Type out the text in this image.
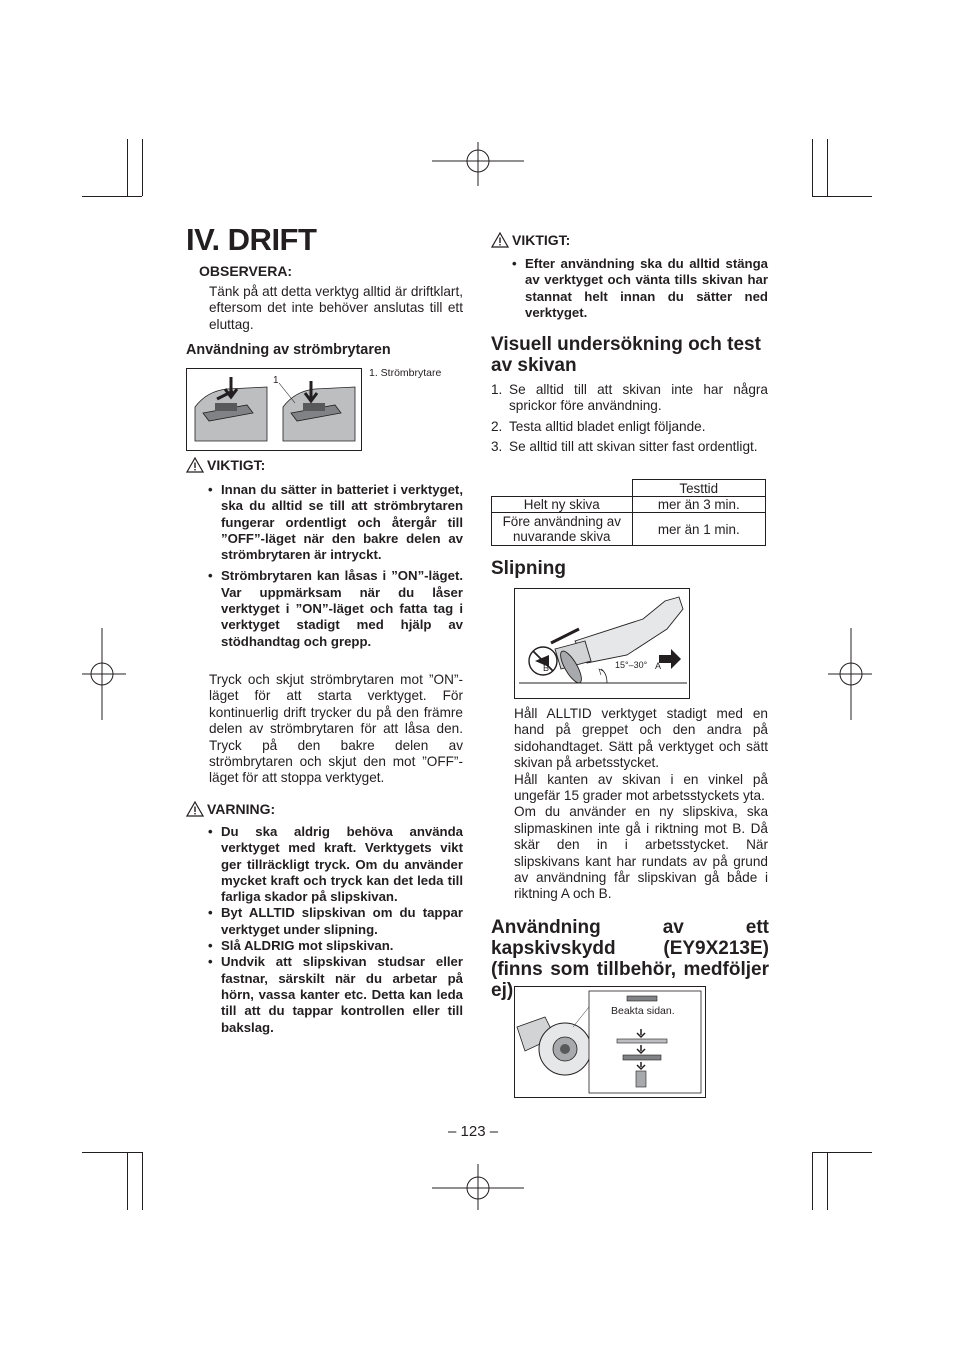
IV. DRIFT
OBSERVERA:
Tänk på att detta verktyg alltid är driftklart, eftersom det inte behöver anslutas till ett eluttag.
Användning av strömbrytaren
1
1. Strömbrytare
VIKTIGT:
• Innan du sätter in batteriet i verktyget, ska du alltid se till att strömbrytaren fungerar ordentligt och återgår till ”OFF”-läget när den bakre delen av strömbrytaren är intryckt.
• Strömbrytaren kan låsas i ”ON”-läget. Var uppmärksam när du låser verktyget i ”ON”-läget och fatta tag i verktyget stadigt med hjälp av stödhandtag och grepp.
Tryck och skjut strömbrytaren mot ”ON”-läget för att starta verktyget. För kontinuerlig drift trycker du på den främre delen av strömbrytaren för att låsa den. Tryck på den bakre delen av strömbrytaren och skjut den mot ”OFF”-läget för att stoppa verktyget.
VARNING:
• Du ska aldrig behöva använda verktyget med kraft. Verktygets vikt ger tillräckligt tryck. Om du använder mycket kraft och tryck kan det leda till farliga skador på slipskivan.
• Byt ALLTID slipskivan om du tappar verktyget under slipning.
• Slå ALDRIG mot slipskivan.
• Undvik att slipskivan studsar eller fastnar, särskilt när du arbetar på hörn, vassa kanter etc. Detta kan leda till att du tappar kontrollen eller till bakslag.
VIKTIGT:
• Efter användning ska du alltid stänga av verktyget och vänta tills skivan har stannat helt innan du sätter ned verktyget.
Visuell undersökning och test av skivan
1. Se alltid till att skivan inte har några sprickor före användning.
2. Testa alltid bladet enligt följande.
3. Se alltid till att skivan sitter fast ordentligt.
	Testtid
Helt ny skiva	mer än 3 min.
Före användning av nuvarande skiva	mer än 1 min.
Slipning
15°–30° A
B
Håll ALLTID verktyget stadigt med en hand på greppet och den andra på sidohandtaget. Sätt på verktyget och sätt skivan på arbetsstycket.
Håll kanten av skivan i en vinkel på ungefär 15 grader mot arbetsstyckets yta.
Om du använder en ny slipskiva, ska slipmaskinen inte gå i riktning mot B. Då skär den in i arbetsstycket. När slipskivans kant har rundats av på grund av användning får slipskivan gå både i riktning A och B.
Användning av ett kapskivskydd (EY9X213E) (finns som tillbehör, medföljer ej)
Beakta sidan.
– 123 –
